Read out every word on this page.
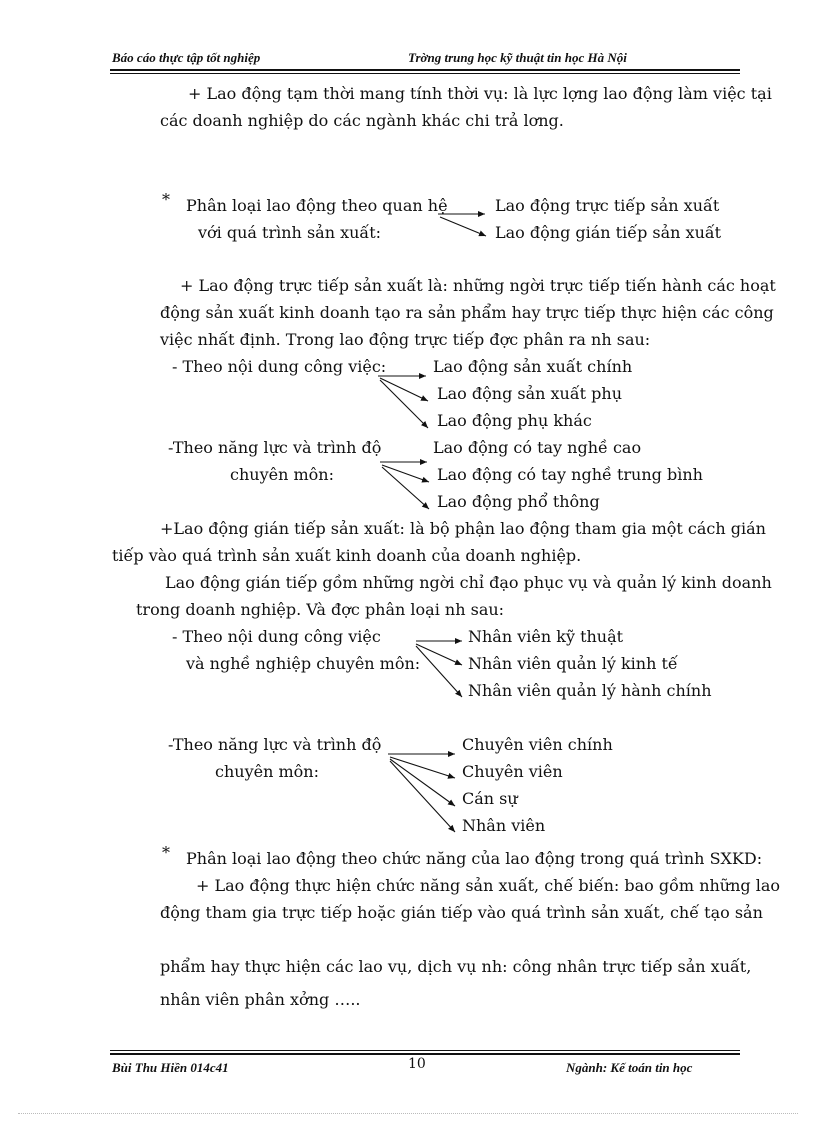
Báo cáo thực tập tốt nghiệp	Trờng trung học kỹ thuật tin học Hà Nội
+ Lao động tạm thời mang tính thời vụ: là lực lợng lao động làm việc tại
các doanh nghiệp do các ngành khác chi trả lơng.
* Phân loại lao động theo quan hệ
với quá trình sản xuất:
Lao động trực tiếp sản xuất
Lao động gián tiếp sản xuất
+ Lao động trực tiếp sản xuất là: những ngời trực tiếp tiến hành các hoạt
động sản xuất kinh doanh tạo ra sản phẩm hay trực tiếp thực hiện các công
việc nhất định. Trong lao động trực tiếp đợc phân ra nh sau:
- Theo nội dung công việc:	Lao động sản xuất chính
Lao động sản xuất phụ
Lao động phụ khác
-Theo năng lực và trình độ
chuyên môn:
Lao động có tay nghề cao
Lao động có tay nghề trung bình
Lao động phổ thông
+Lao động gián tiếp sản xuất: là bộ phận lao động tham gia một cách gián
tiếp vào quá trình sản xuất kinh doanh của doanh nghiệp.
Lao động gián tiếp gồm những ngời chỉ đạo phục vụ và quản lý kinh doanh
trong doanh nghiệp. Và đợc phân loại nh sau:
- Theo nội dung công việc
và nghề nghiệp chuyên môn:
Nhân viên kỹ thuật
Nhân viên quản lý kinh tế
Nhân viên quản lý hành chính
-Theo năng lực và trình độ
chuyên môn:
Chuyên viên chính
Chuyên viên
Cán sự
Nhân viên
* Phân loại lao động theo chức năng của lao động trong quá trình SXKD:
+ Lao động thực hiện chức năng sản xuất, chế biến: bao gồm những lao
động tham gia trực tiếp hoặc gián tiếp vào quá trình sản xuất, chế tạo sản
phẩm hay thực hiện các lao vụ, dịch vụ nh: công nhân trực tiếp sản xuất,
nhân viên phân xởng …..
Bùi Thu Hiền 014c41	10	Ngành: Kế toán tin học
